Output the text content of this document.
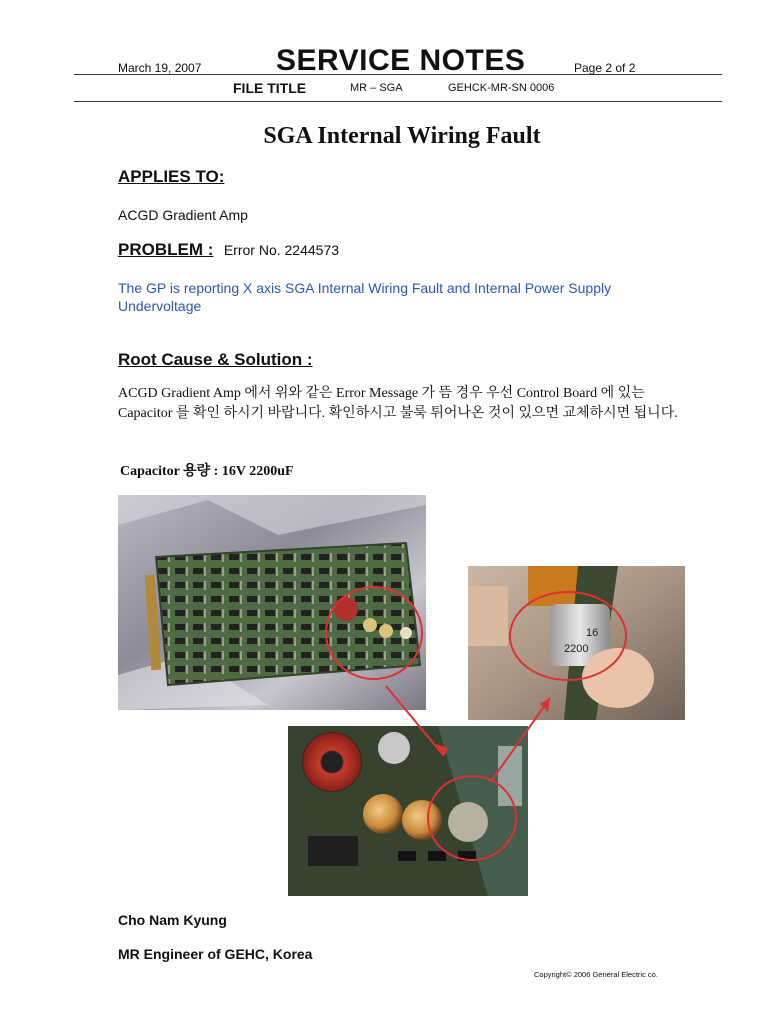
March 19, 2007 SERVICE NOTES	Page 2 of 2
FILE TITLE	MR – SGA	GEHCK-MR-SN 0006
SGA Internal Wiring Fault
APPLIES TO:
ACGD Gradient Amp
PROBLEM : Error No. 2244573
The GP is reporting X axis SGA Internal Wiring Fault and Internal Power Supply Undervoltage
Root Cause & Solution :
ACGD Gradient Amp 에서 위와 같은 Error Message 가 뜸 경우 우선 Control Board 에 있는 Capacitor 를 확인 하시기 바랍니다. 확인하시고 불룩 튀어나온 것이 있으면 교체하시면 됩니다.
Capacitor 용량 : 16V 2200uF
16
2200
Cho Nam Kyung
MR Engineer of GEHC, Korea
Copyright© 2006 General Electric co.
